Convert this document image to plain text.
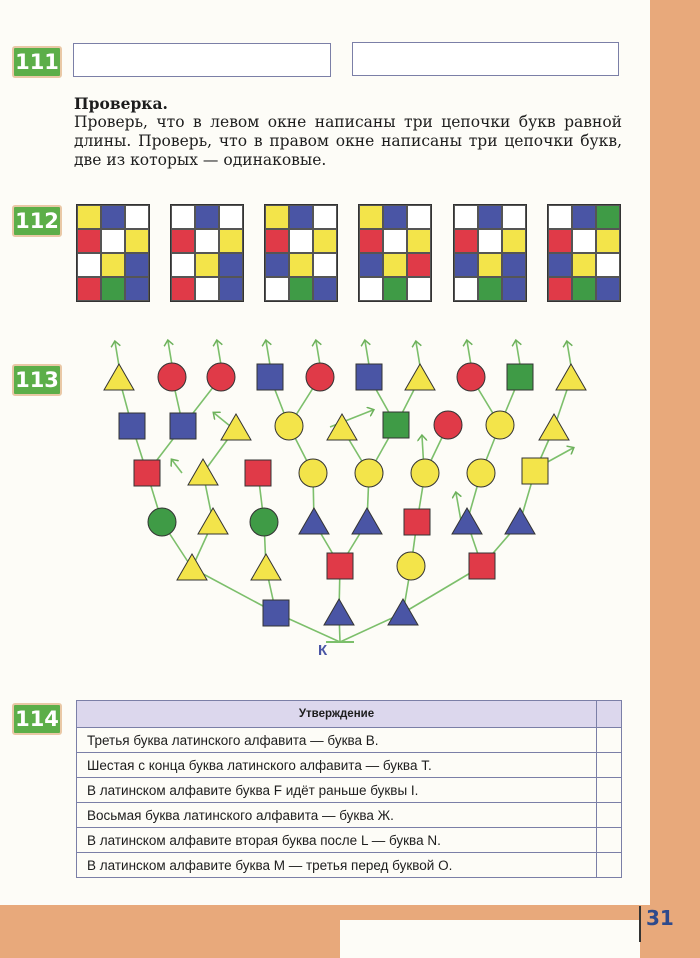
111
Проверка.
Проверь, что в левом окне написаны три цепочки букв равной длины. Проверь, что в правом окне написаны три цепочки букв, две из которых — одинаковые.
112
113
К
114	Утверждение	
Третья буква латинского алфавита — буква B.	
Шестая с конца буква латинского алфавита — буква T.	
В латинском алфавите буква F идёт раньше буквы I.	
Восьмая буква латинского алфавита — буква Ж.	
В латинском алфавите вторая буква после L — буква N.	
В латинском алфавите буква M — третья перед буквой O.	
31
